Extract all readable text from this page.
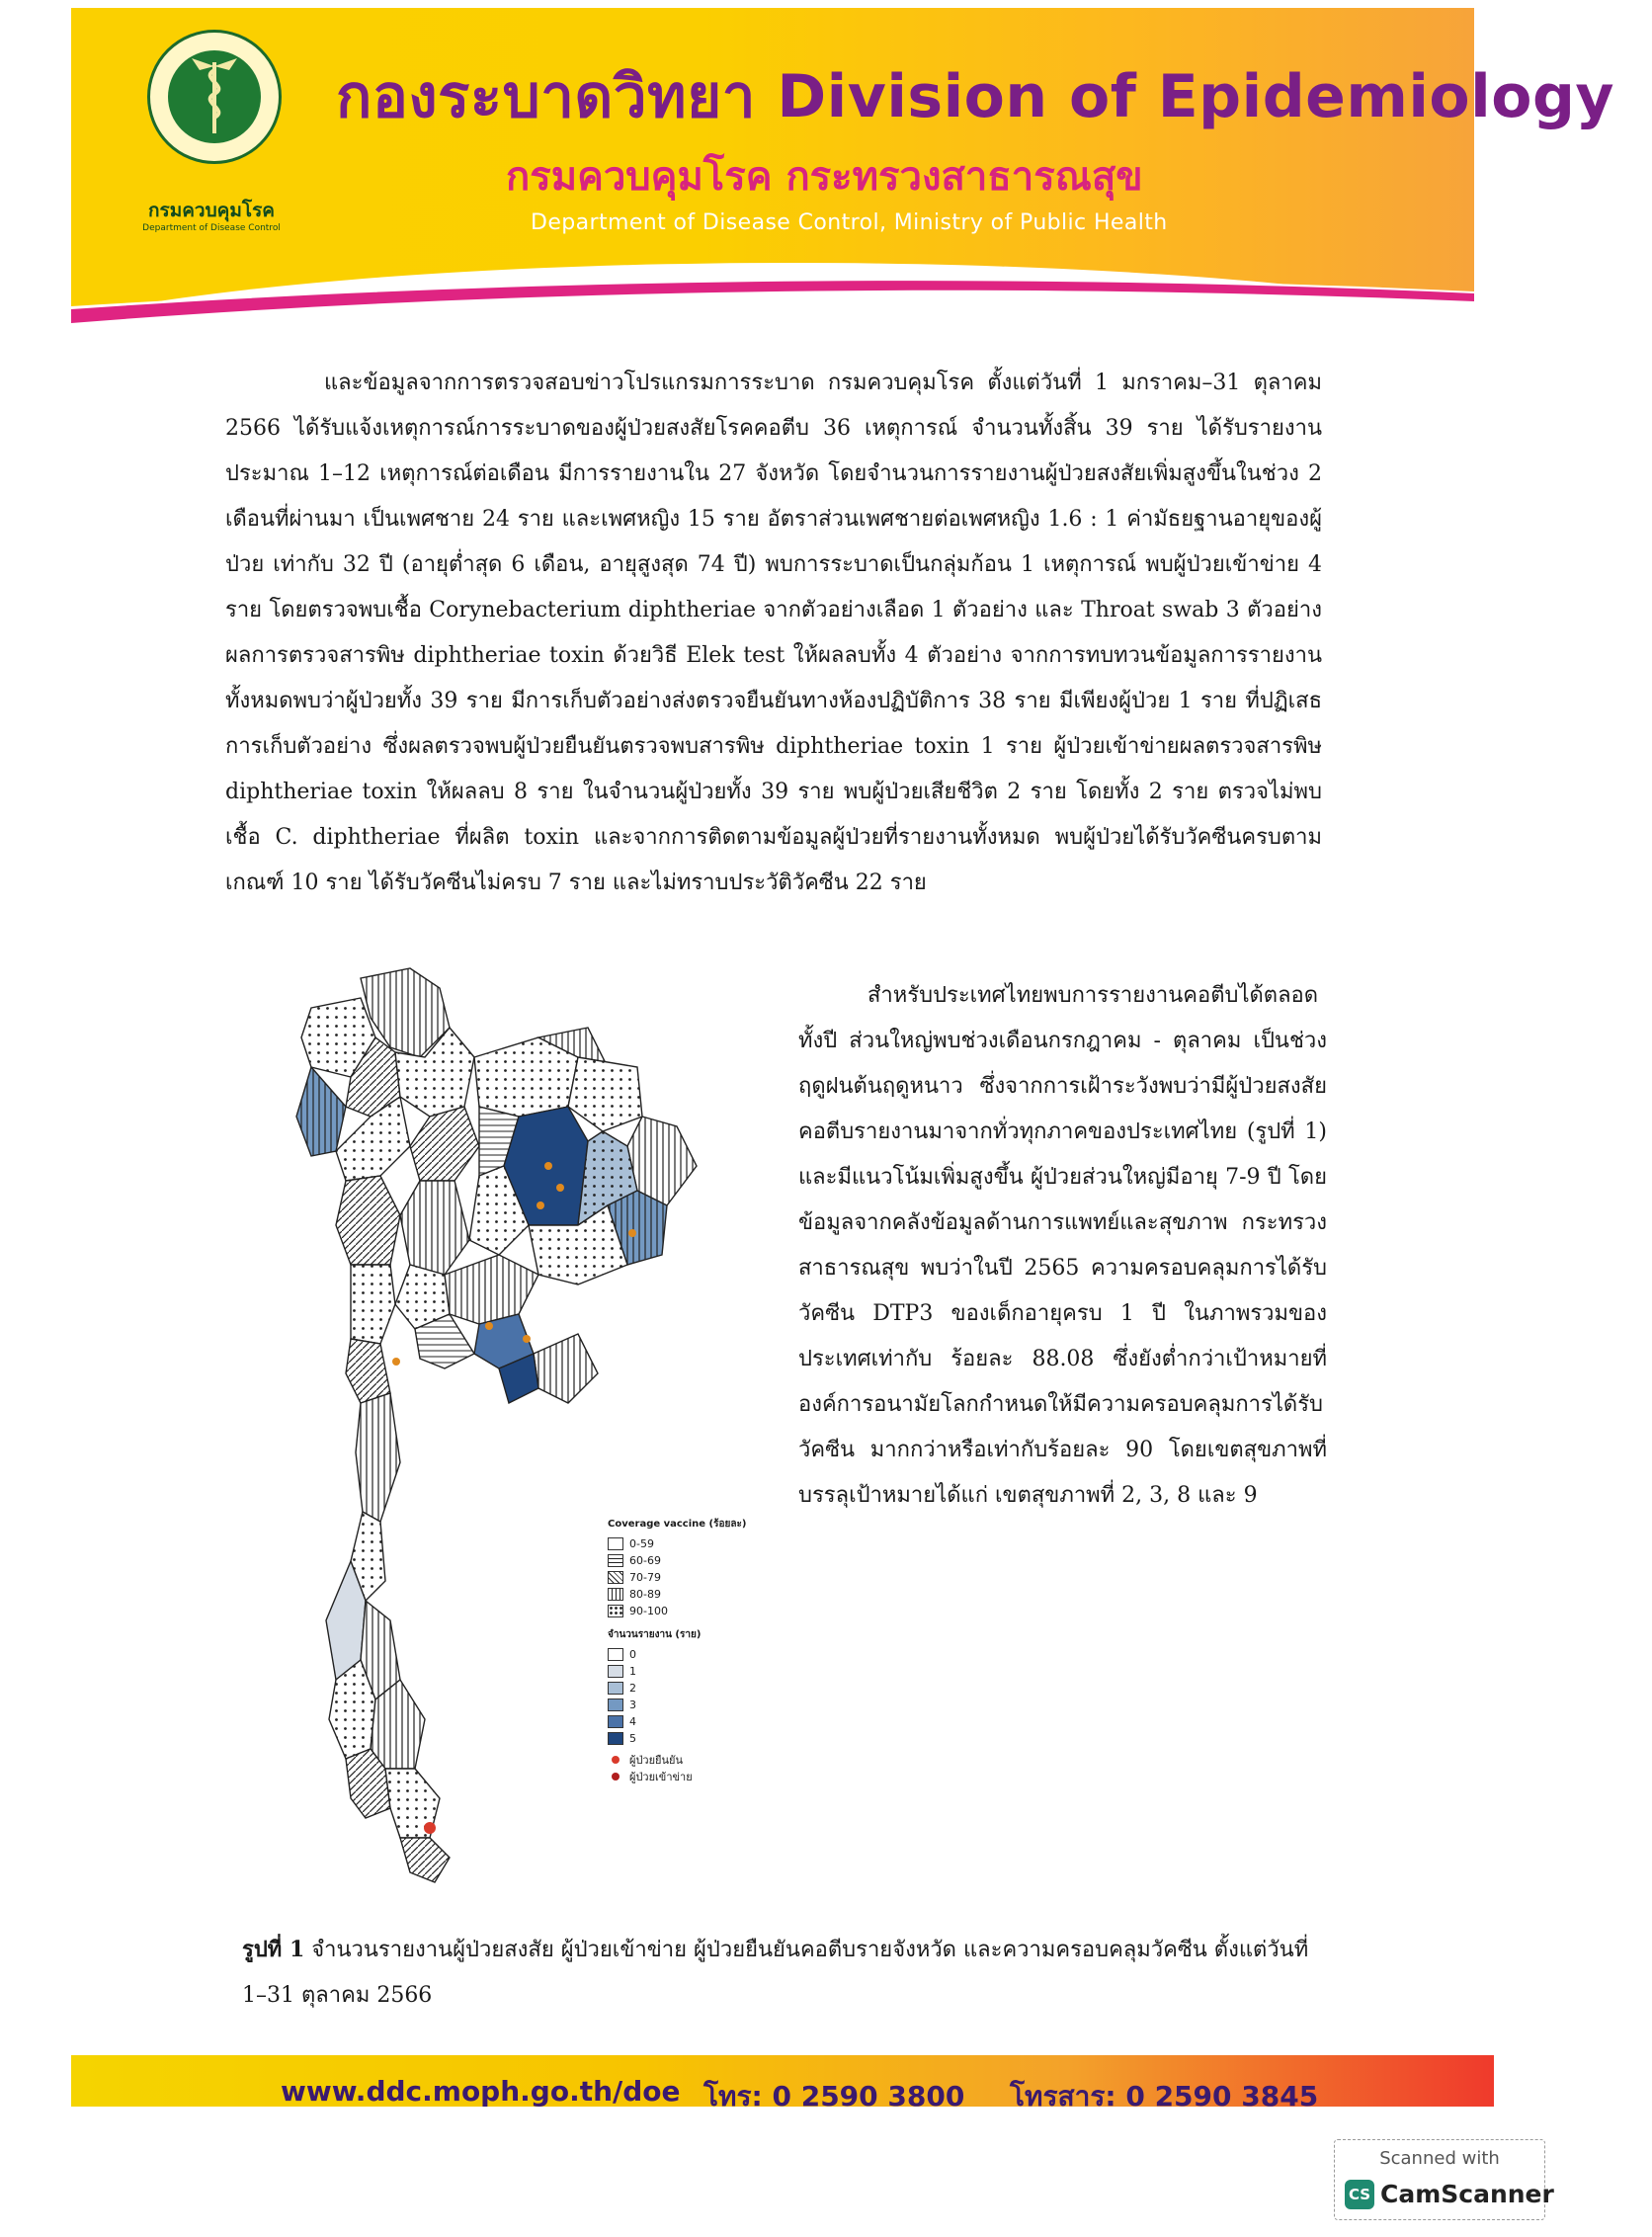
กรมควบคุมโรค
Department of Disease Control
กองระบาดวิทยา Division of Epidemiology
กรมควบคุมโรค กระทรวงสาธารณสุข
Department of Disease Control, Ministry of Public Health

และข้อมูลจากการตรวจสอบข่าวโปรแกรมการระบาด กรมควบคุมโรค ตั้งแต่วันที่ 1 มกราคม–31 ตุลาคม 2566 ได้รับแจ้งเหตุการณ์การระบาดของผู้ป่วยสงสัยโรคคอตีบ 36 เหตุการณ์ จำนวนทั้งสิ้น 39 ราย ได้รับรายงานประมาณ 1–12 เหตุการณ์ต่อเดือน มีการรายงานใน 27 จังหวัด โดยจำนวนการรายงานผู้ป่วยสงสัยเพิ่มสูงขึ้นในช่วง 2 เดือนที่ผ่านมา เป็นเพศชาย 24 ราย และเพศหญิง 15 ราย อัตราส่วนเพศชายต่อเพศหญิง 1.6 : 1 ค่ามัธยฐานอายุของผู้ป่วย เท่ากับ 32 ปี (อายุต่ำสุด 6 เดือน, อายุสูงสุด 74 ปี) พบการระบาดเป็นกลุ่มก้อน 1 เหตุการณ์ พบผู้ป่วยเข้าข่าย 4 ราย โดยตรวจพบเชื้อ Corynebacterium diphtheriae จากตัวอย่างเลือด 1 ตัวอย่าง และ Throat swab 3 ตัวอย่าง ผลการตรวจสารพิษ diphtheriae toxin ด้วยวิธี Elek test ให้ผลลบทั้ง 4 ตัวอย่าง จากการทบทวนข้อมูลการรายงานทั้งหมดพบว่าผู้ป่วยทั้ง 39 ราย มีการเก็บตัวอย่างส่งตรวจยืนยันทางห้องปฏิบัติการ 38 ราย มีเพียงผู้ป่วย 1 ราย ที่ปฏิเสธการเก็บตัวอย่าง ซึ่งผลตรวจพบผู้ป่วยยืนยันตรวจพบสารพิษ diphtheriae toxin 1 ราย ผู้ป่วยเข้าข่ายผลตรวจสารพิษ diphtheriae toxin ให้ผลลบ 8 ราย ในจำนวนผู้ป่วยทั้ง 39 ราย พบผู้ป่วยเสียชีวิต 2 ราย โดยทั้ง 2 ราย ตรวจไม่พบเชื้อ C. diphtheriae ที่ผลิต toxin และจากการติดตามข้อมูลผู้ป่วยที่รายงานทั้งหมด พบผู้ป่วยได้รับวัคซีนครบตามเกณฑ์ 10 ราย ได้รับวัคซีนไม่ครบ 7 ราย และไม่ทราบประวัติวัคซีน 22 ราย

Coverage vaccine (ร้อยละ)
0-59
60-69
70-79
80-89
90-100
จำนวนรายงาน (ราย)
0
1
2
3
4
5
ผู้ป่วยยืนยัน
ผู้ป่วยเข้าข่าย

สำหรับประเทศไทยพบการรายงานคอตีบได้ตลอดทั้งปี ส่วนใหญ่พบช่วงเดือนกรกฎาคม - ตุลาคม เป็นช่วงฤดูฝนต้นฤดูหนาว ซึ่งจากการเฝ้าระวังพบว่ามีผู้ป่วยสงสัยคอตีบรายงานมาจากทั่วทุกภาคของประเทศไทย (รูปที่ 1) และมีแนวโน้มเพิ่มสูงขึ้น ผู้ป่วยส่วนใหญ่มีอายุ 7-9 ปี โดยข้อมูลจากคลังข้อมูลด้านการแพทย์และสุขภาพ กระทรวงสาธารณสุข พบว่าในปี 2565 ความครอบคลุมการได้รับวัคซีน DTP3 ของเด็กอายุครบ 1 ปี ในภาพรวมของประเทศเท่ากับ ร้อยละ 88.08 ซึ่งยังต่ำกว่าเป้าหมายที่องค์การอนามัยโลกกำหนดให้มีความครอบคลุมการได้รับวัคซีน มากกว่าหรือเท่ากับร้อยละ 90 โดยเขตสุขภาพที่บรรลุเป้าหมายได้แก่ เขตสุขภาพที่ 2, 3, 8 และ 9

รูปที่ 1 จำนวนรายงานผู้ป่วยสงสัย ผู้ป่วยเข้าข่าย ผู้ป่วยยืนยันคอตีบรายจังหวัด และความครอบคลุมวัคซีน ตั้งแต่วันที่ 1–31 ตุลาคม 2566
www.ddc.moph.go.th/doe โทร: 0 2590 3800 โทรสาร: 0 2590 3845
Scanned with
CS CamScanner
